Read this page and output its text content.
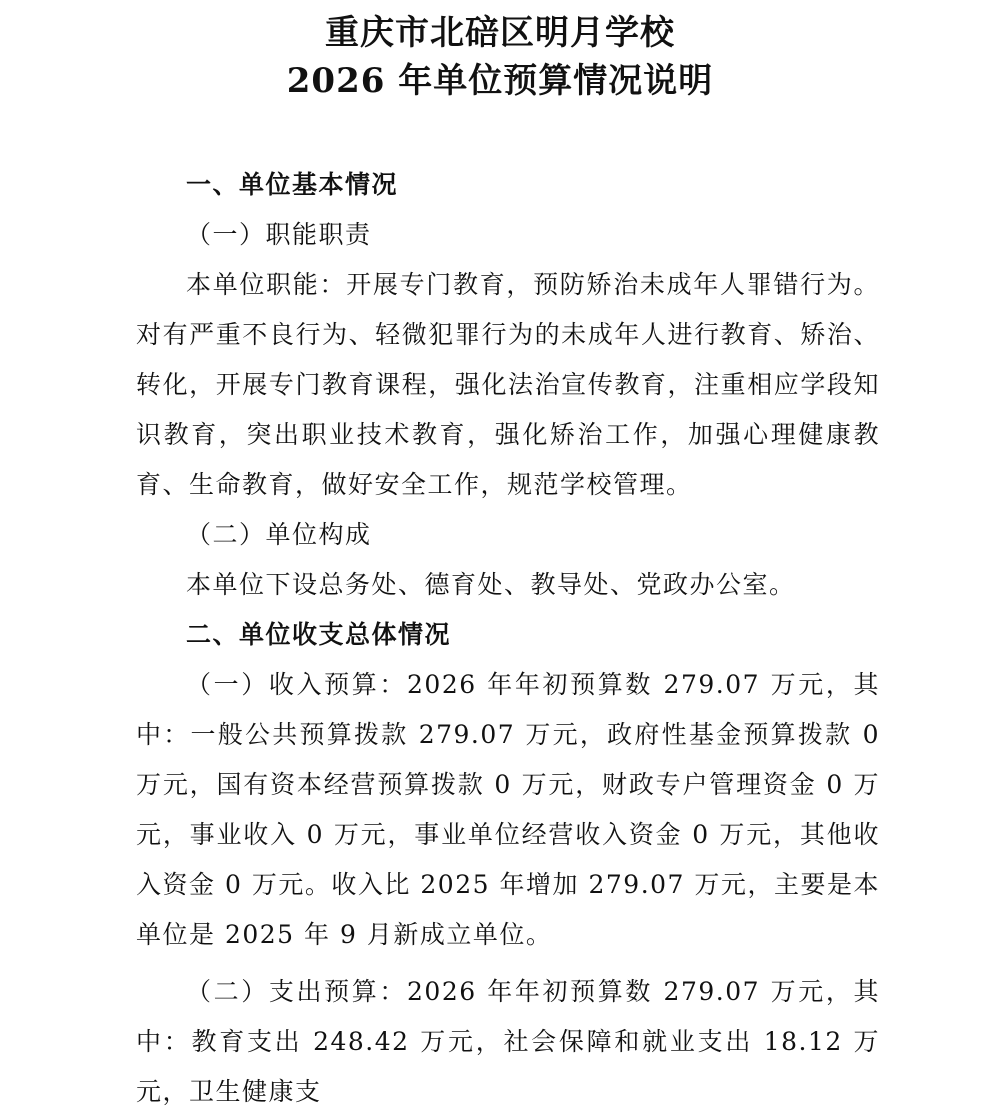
重庆市北碚区明月学校
2026 年单位预算情况说明

一、单位基本情况

（一）职能职责

本单位职能：开展专门教育，预防矫治未成年人罪错行为。对有严重不良行为、轻微犯罪行为的未成年人进行教育、矫治、转化，开展专门教育课程，强化法治宣传教育，注重相应学段知识教育，突出职业技术教育，强化矫治工作，加强心理健康教育、生命教育，做好安全工作，规范学校管理。

（二）单位构成

本单位下设总务处、德育处、教导处、党政办公室。

二、单位收支总体情况

（一）收入预算：2026 年年初预算数 279.07 万元，其中：一般公共预算拨款 279.07 万元，政府性基金预算拨款 0 万元，国有资本经营预算拨款 0 万元，财政专户管理资金 0 万元，事业收入 0 万元，事业单位经营收入资金 0 万元，其他收入资金 0 万元。收入比 2025 年增加 279.07 万元，主要是本单位是 2025 年 9 月新成立单位。

（二）支出预算：2026 年年初预算数 279.07 万元，其中：教育支出 248.42 万元，社会保障和就业支出 18.12 万元，卫生健康支
